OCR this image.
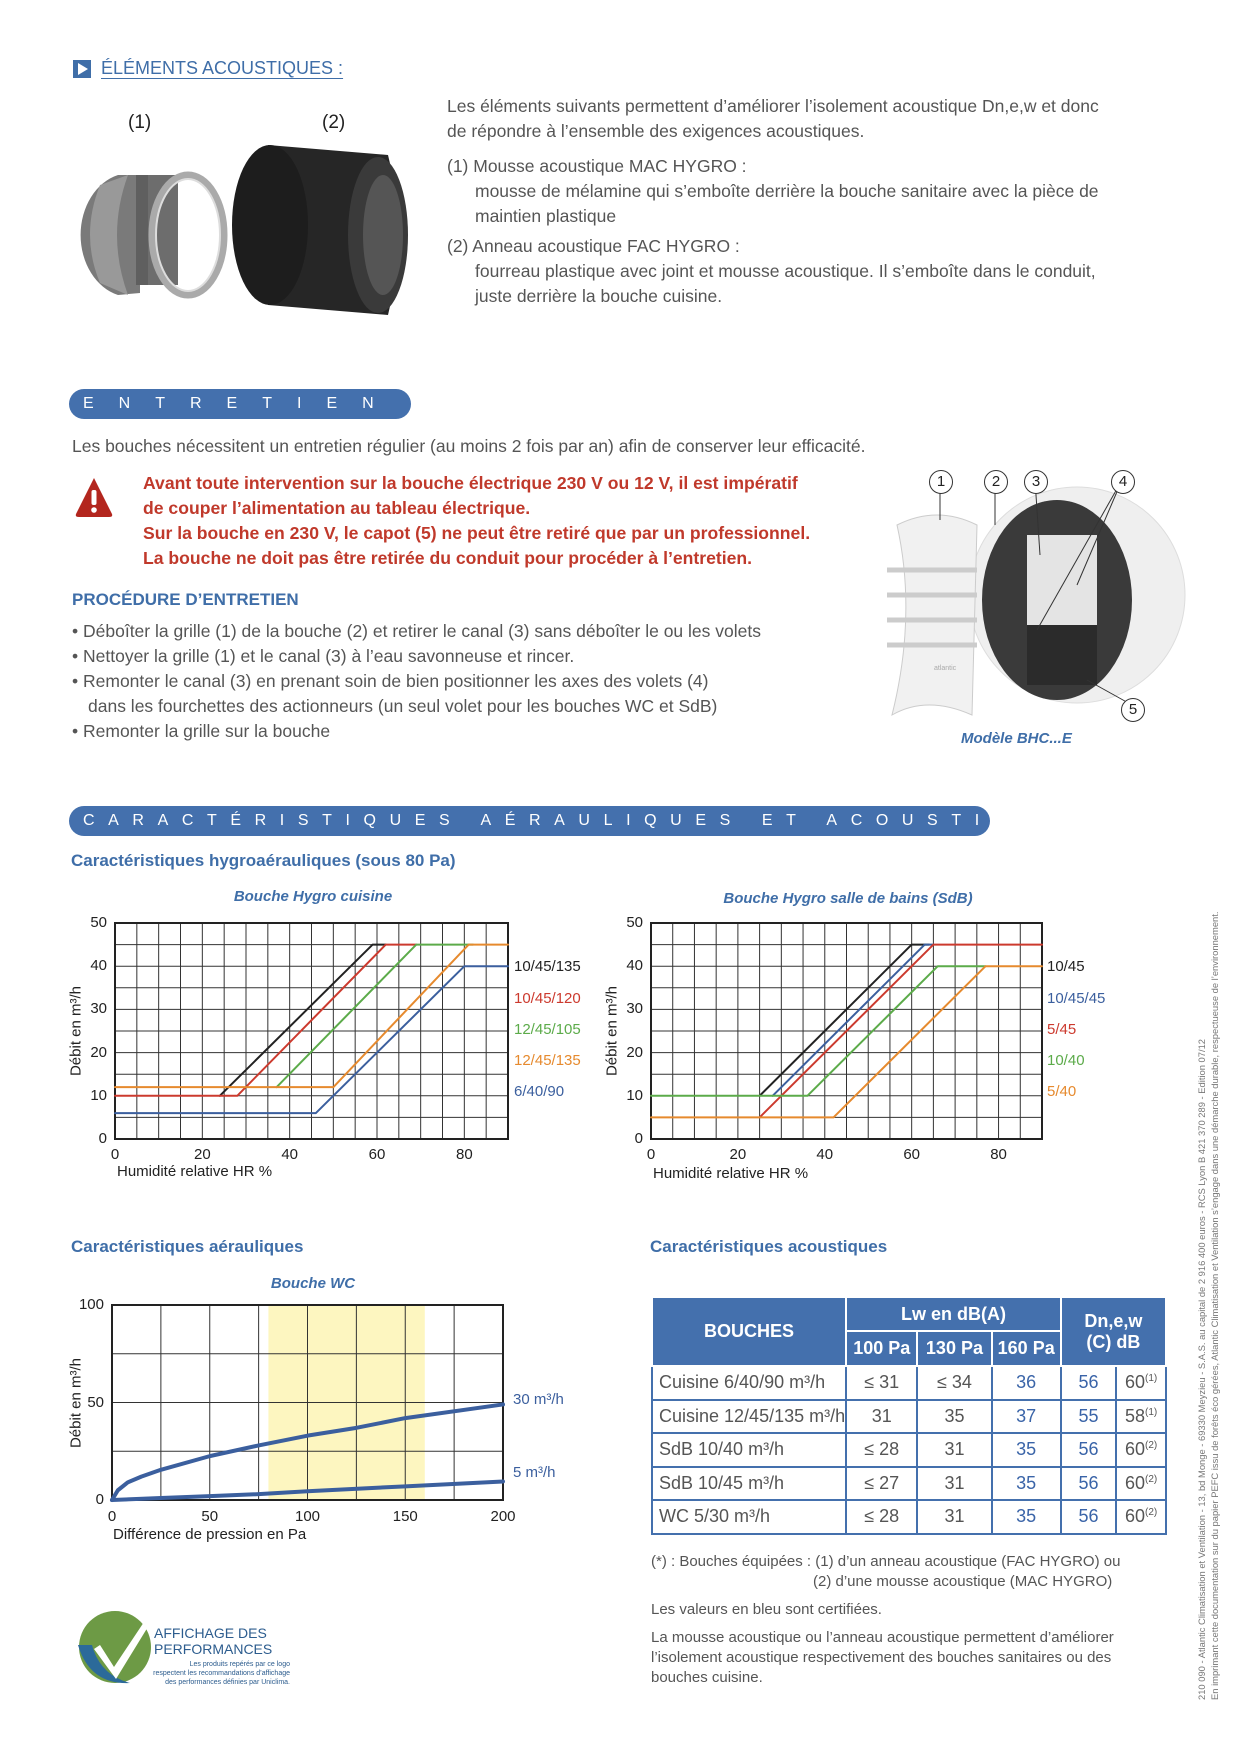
ÉLÉMENTS ACOUSTIQUES :
(1)	(2)
Les éléments suivants permettent d’améliorer l’isolement acoustique Dn,e,w et donc
de répondre à l’ensemble des exigences acoustiques.
(1) Mousse acoustique MAC HYGRO :
mousse de mélamine qui s’emboîte derrière la bouche sanitaire avec la pièce de
maintien plastique
(2) Anneau acoustique FAC HYGRO :
fourreau plastique avec joint et mousse acoustique. Il s’emboîte dans le conduit,
juste derrière la bouche cuisine.
ENTRETIEN
Les bouches nécessitent un entretien régulier (au moins 2 fois par an) afin de conserver leur efficacité.
Avant toute intervention sur la bouche électrique 230 V ou 12 V, il est impératif
de couper l’alimentation au tableau électrique.
Sur la bouche en 230 V, le capot (5) ne peut être retiré que par un professionnel.
La bouche ne doit pas être retirée du conduit pour procéder à l’entretien.
PROCÉDURE D’ENTRETIEN
• Déboîter la grille (1) de la bouche (2) et retirer le canal (3) sans déboîter le ou les volets
• Nettoyer la grille (1) et le canal (3) à l’eau savonneuse et rincer.
• Remonter le canal (3) en prenant soin de bien positionner les axes des volets (4)
dans les fourchettes des actionneurs (un seul volet pour les bouches WC et SdB)
• Remonter la grille sur la bouche
atlantic
1	2	3	4
5
Modèle BHC...E
CARACTÉRISTIQUES AÉRAULIQUES ET ACOUSTIQUES
Caractéristiques hygroaérauliques (sous 80 Pa)
Caractéristiques aérauliques	Caractéristiques acoustiques
BOUCHES	Lw en dB(A)			Dn,e,w
(C) dB	
	100 Pa	130 Pa	160 Pa		
Cuisine 6/40/90 m³/h	≤ 31	≤ 34	36	56	60$^{(1)}$
Cuisine 12/45/135 m³/h	31	35	37	55	58$^{(1)}$
SdB 10/40 m³/h	≤ 28	31	35	56	60$^{(2)}$
SdB 10/45 m³/h	≤ 27	31	35	56	60$^{(2)}$
WC 5/30 m³/h	≤ 28	31	35	56	60$^{(2)}$
(*) : Bouches équipées : (1) d’un anneau acoustique (FAC HYGRO) ou
(2) d’une mousse acoustique (MAC HYGRO)
Les valeurs en bleu sont certifiées.
La mousse acoustique ou l’anneau acoustique permettent d’améliorer
l’isolement acoustique respectivement des bouches sanitaires ou des
bouches cuisine.
AFFICHAGE DES
PERFORMANCES
Les produits repérés par ce logo
respectent les recommandations d’affichage
des performances définies par Uniclima.	210 090 - Atlantic Climatisation et Ventilation - 13, bd Monge - 69330 Meyzieu - S.A.S. au capital de 2 916 400 euros - RCS Lyon B 421 370 289 - Edition 07/12 En imprimant cette documentation sur du papier PEFC issu de forêts éco gérées, Atlantic Climatisation et Ventilation s’engage dans une démarche durable, respectueuse de l’environnement.
Bouche Hygro cuisine
0	20	40	60	80
0
10
20
30
40
50
Humidité relative HR %
Débit en m³/h
10/45/135
10/45/120
12/45/105
12/45/135
6/40/90
Bouche Hygro salle de bains (SdB)
0	20	40	60	80
0
10
20
30
40
50
Humidité relative HR %
Débit en m³/h
10/45
10/45/45
5/45
10/40
5/40
Bouche WC
0	50	100	150	200
0
50
100
Différence de pression en Pa
Débit en m³/h	30 m³/h
5 m³/h
